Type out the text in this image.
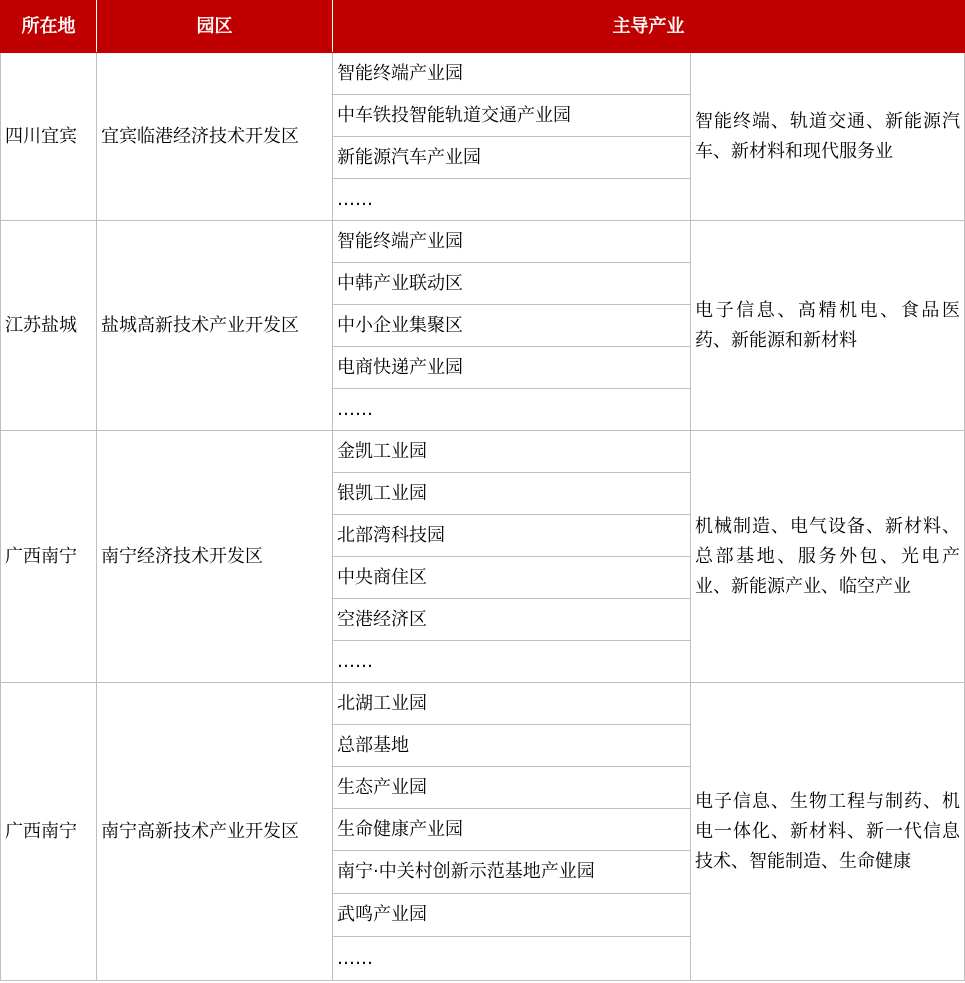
所在地	园区	主导产业	
四川宜宾	宜宾临港经济技术开发区	智能终端产业园	智能终端、轨道交通、新能源汽车、新材料和现代服务业
		中车铁投智能轨道交通产业园	
		新能源汽车产业园	
		……	
江苏盐城	盐城高新技术产业开发区	智能终端产业园	电子信息、高精机电、食品医药、新能源和新材料
		中韩产业联动区	
		中小企业集聚区	
		电商快递产业园	
		……	
广西南宁	南宁经济技术开发区	金凯工业园	机械制造、电气设备、新材料、总部基地、服务外包、光电产业、新能源产业、临空产业
		银凯工业园	
		北部湾科技园	
		中央商住区	
		空港经济区	
		……	
广西南宁	南宁高新技术产业开发区	北湖工业园	电子信息、生物工程与制药、机电一体化、新材料、新一代信息技术、智能制造、生命健康
		总部基地	
		生态产业园	
		生命健康产业园	
		南宁·中关村创新示范基地产业园	
		武鸣产业园	
		……	
